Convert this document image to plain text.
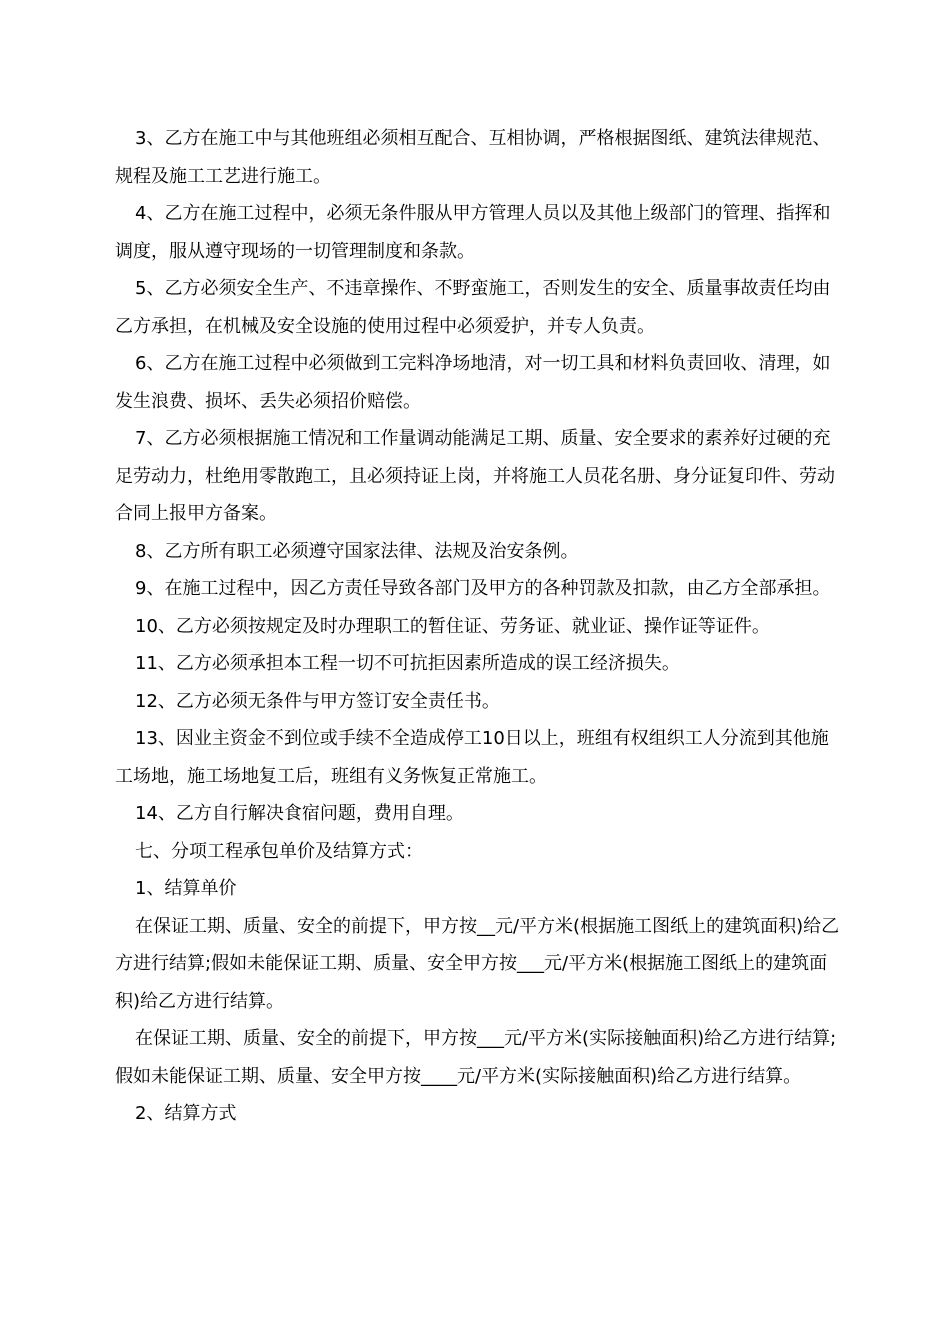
3、乙方在施工中与其他班组必须相互配合、互相协调，严格根据图纸、建筑法律规范、规程及施工工艺进行施工。

4、乙方在施工过程中，必须无条件服从甲方管理人员以及其他上级部门的管理、指挥和调度，服从遵守现场的一切管理制度和条款。

5、乙方必须安全生产、不违章操作、不野蛮施工，否则发生的安全、质量事故责任均由乙方承担，在机械及安全设施的使用过程中必须爱护，并专人负责。

6、乙方在施工过程中必须做到工完料净场地清，对一切工具和材料负责回收、清理，如发生浪费、损坏、丢失必须招价赔偿。

7、乙方必须根据施工情况和工作量调动能满足工期、质量、安全要求的素养好过硬的充足劳动力，杜绝用零散跑工，且必须持证上岗，并将施工人员花名册、身分证复印件、劳动合同上报甲方备案。

8、乙方所有职工必须遵守国家法律、法规及治安条例。

9、在施工过程中，因乙方责任导致各部门及甲方的各种罚款及扣款，由乙方全部承担。

10、乙方必须按规定及时办理职工的暂住证、劳务证、就业证、操作证等证件。

11、乙方必须承担本工程一切不可抗拒因素所造成的误工经济损失。

12、乙方必须无条件与甲方签订安全责任书。

13、因业主资金不到位或手续不全造成停工10日以上，班组有权组织工人分流到其他施工场地，施工场地复工后，班组有义务恢复正常施工。

14、乙方自行解决食宿问题，费用自理。

七、分项工程承包单价及结算方式：

1、结算单价

在保证工期、质量、安全的前提下，甲方按__元/平方米(根据施工图纸上的建筑面积)给乙方进行结算;假如未能保证工期、质量、安全甲方按___元/平方米(根据施工图纸上的建筑面积)给乙方进行结算。

在保证工期、质量、安全的前提下，甲方按___元/平方米(实际接触面积)给乙方进行结算;假如未能保证工期、质量、安全甲方按____元/平方米(实际接触面积)给乙方进行结算。

2、结算方式
